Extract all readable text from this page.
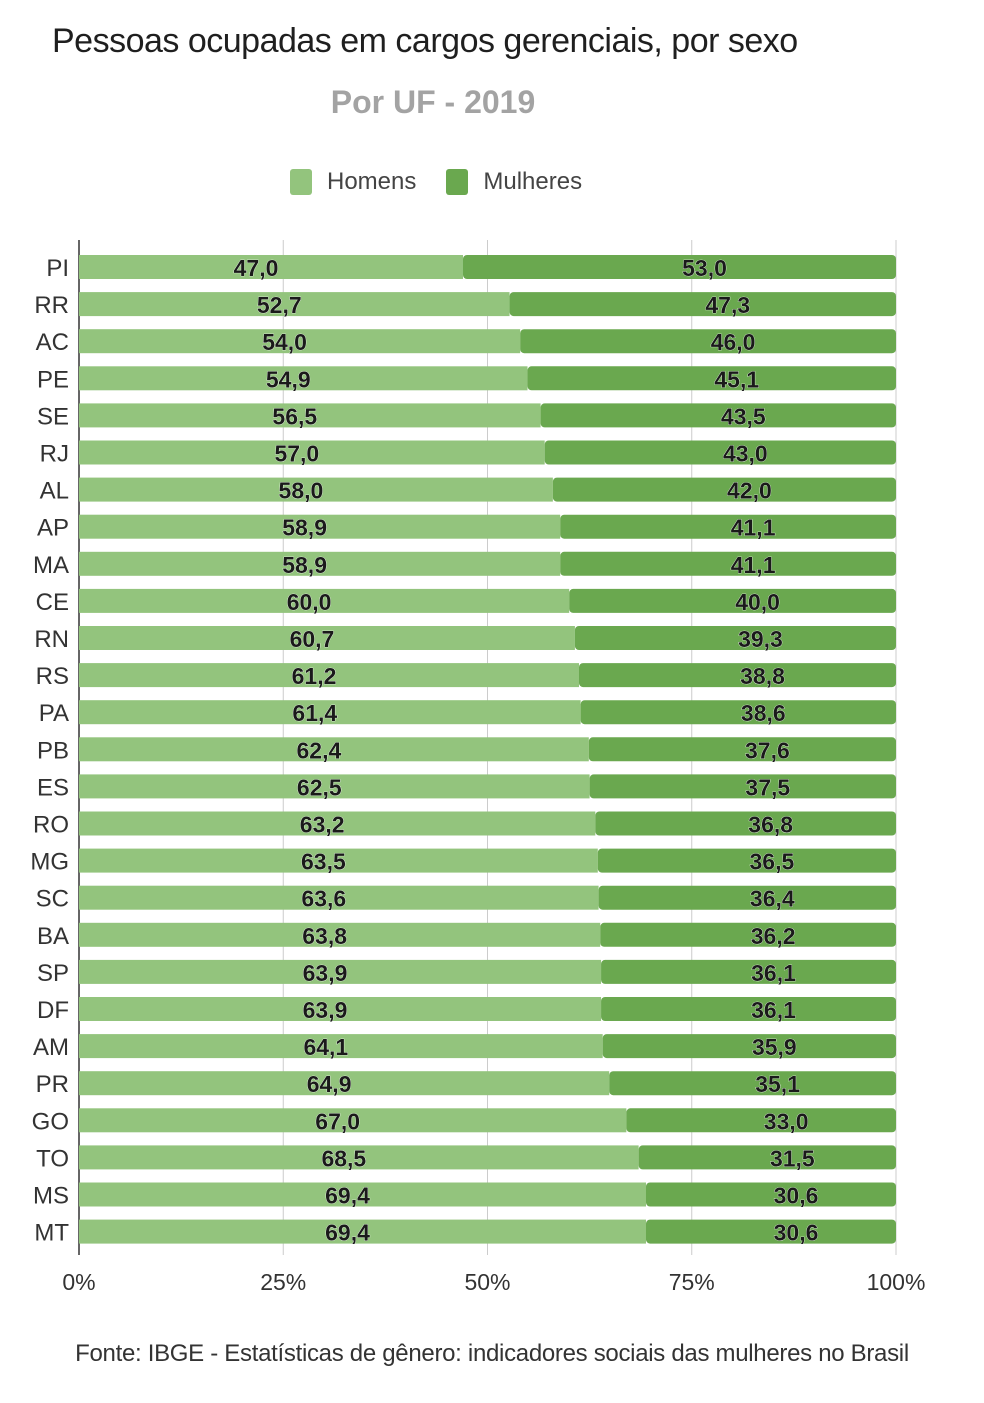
Pessoas ocupadas em cargos gerenciais, por sexo
Por UF - 2019
Homens	Mulheres
0%	25%	50%	75%	100%
PI	47,0	53,0
RR	52,7	47,3
AC	54,0	46,0
PE	54,9	45,1
SE	56,5	43,5
RJ	57,0	43,0
AL	58,0	42,0
AP	58,9	41,1
MA	58,9	41,1
CE	60,0	40,0
RN	60,7	39,3
RS	61,2	38,8
PA	61,4	38,6
PB	62,4	37,6
ES	62,5	37,5
RO	63,2	36,8
MG	63,5	36,5
SC	63,6	36,4
BA	63,8	36,2
SP	63,9	36,1
DF	63,9	36,1
AM	64,1	35,9
PR	64,9	35,1
GO	67,0	33,0
TO	68,5	31,5
MS	69,4	30,6
MT	69,4	30,6
Fonte: IBGE - Estatísticas de gênero: indicadores sociais das mulheres no Brasil
